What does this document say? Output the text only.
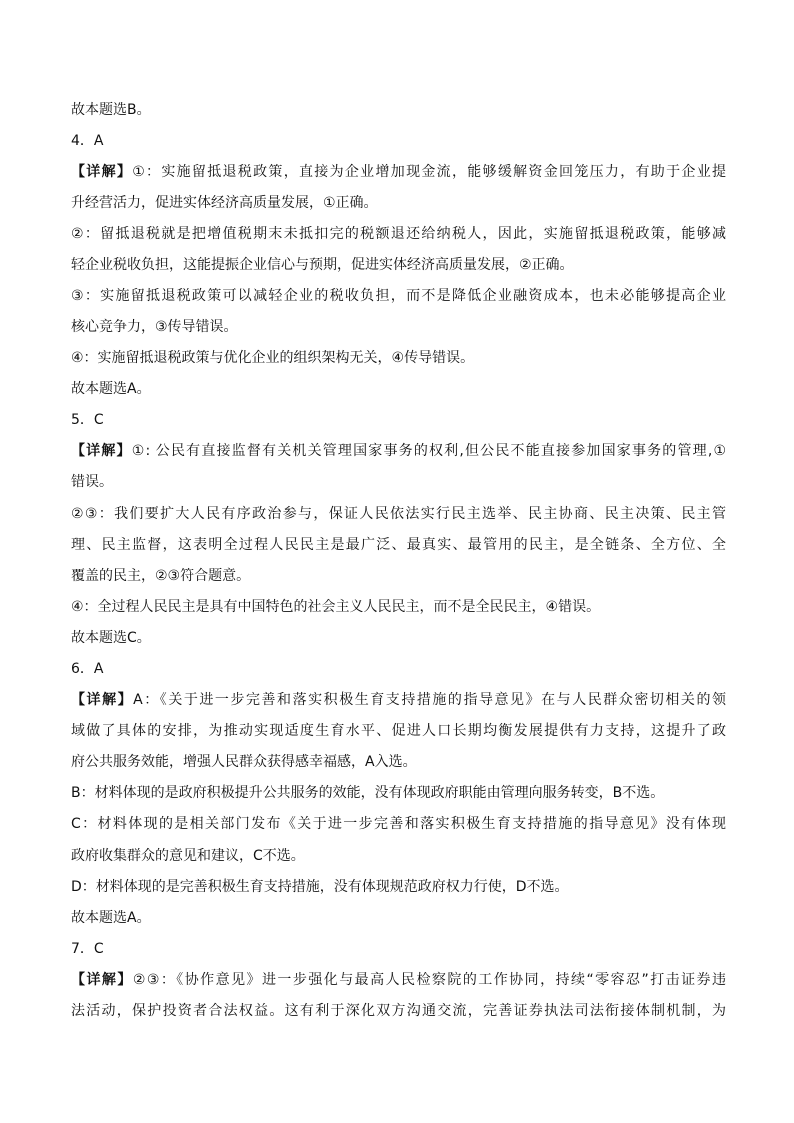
故本题选B。
4．A
【详解】①：实施留抵退税政策，直接为企业增加现金流，能够缓解资金回笼压力，有助于企业提
升经营活力，促进实体经济高质量发展，①正确。
②：留抵退税就是把增值税期末未抵扣完的税额退还给纳税人，因此，实施留抵退税政策，能够减
轻企业税收负担，这能提振企业信心与预期，促进实体经济高质量发展，②正确。
③：实施留抵退税政策可以减轻企业的税收负担，而不是降低企业融资成本，也未必能够提高企业
核心竞争力，③传导错误。
④：实施留抵退税政策与优化企业的组织架构无关，④传导错误。
故本题选A。
5．C
【详解】①: 公民有直接监督有关机关管理国家事务的权利,但公民不能直接参加国家事务的管理,①
错误。
②③：我们要扩大人民有序政治参与，保证人民依法实行民主选举、民主协商、民主决策、民主管
理、民主监督，这表明全过程人民民主是最广泛、最真实、最管用的民主，是全链条、全方位、全
覆盖的民主，②③符合题意。
④：全过程人民民主是具有中国特色的社会主义人民民主，而不是全民民主，④错误。
故本题选C。
6．A
【详解】A：《关于进一步完善和落实积极生育支持措施的指导意见》在与人民群众密切相关的领
域做了具体的安排，为推动实现适度生育水平、促进人口长期均衡发展提供有力支持，这提升了政
府公共服务效能，增强人民群众获得感幸福感，A入选。
B：材料体现的是政府积极提升公共服务的效能，没有体现政府职能由管理向服务转变，B不选。
C：材料体现的是相关部门发布《关于进一步完善和落实积极生育支持措施的指导意见》没有体现
政府收集群众的意见和建议，C不选。
D：材料体现的是完善积极生育支持措施，没有体现规范政府权力行使，D不选。
故本题选A。
7．C
【详解】②③：《协作意见》进一步强化与最高人民检察院的工作协同，持续“零容忍”打击证券违
法活动，保护投资者合法权益。这有利于深化双方沟通交流，完善证券执法司法衔接体制机制，为
